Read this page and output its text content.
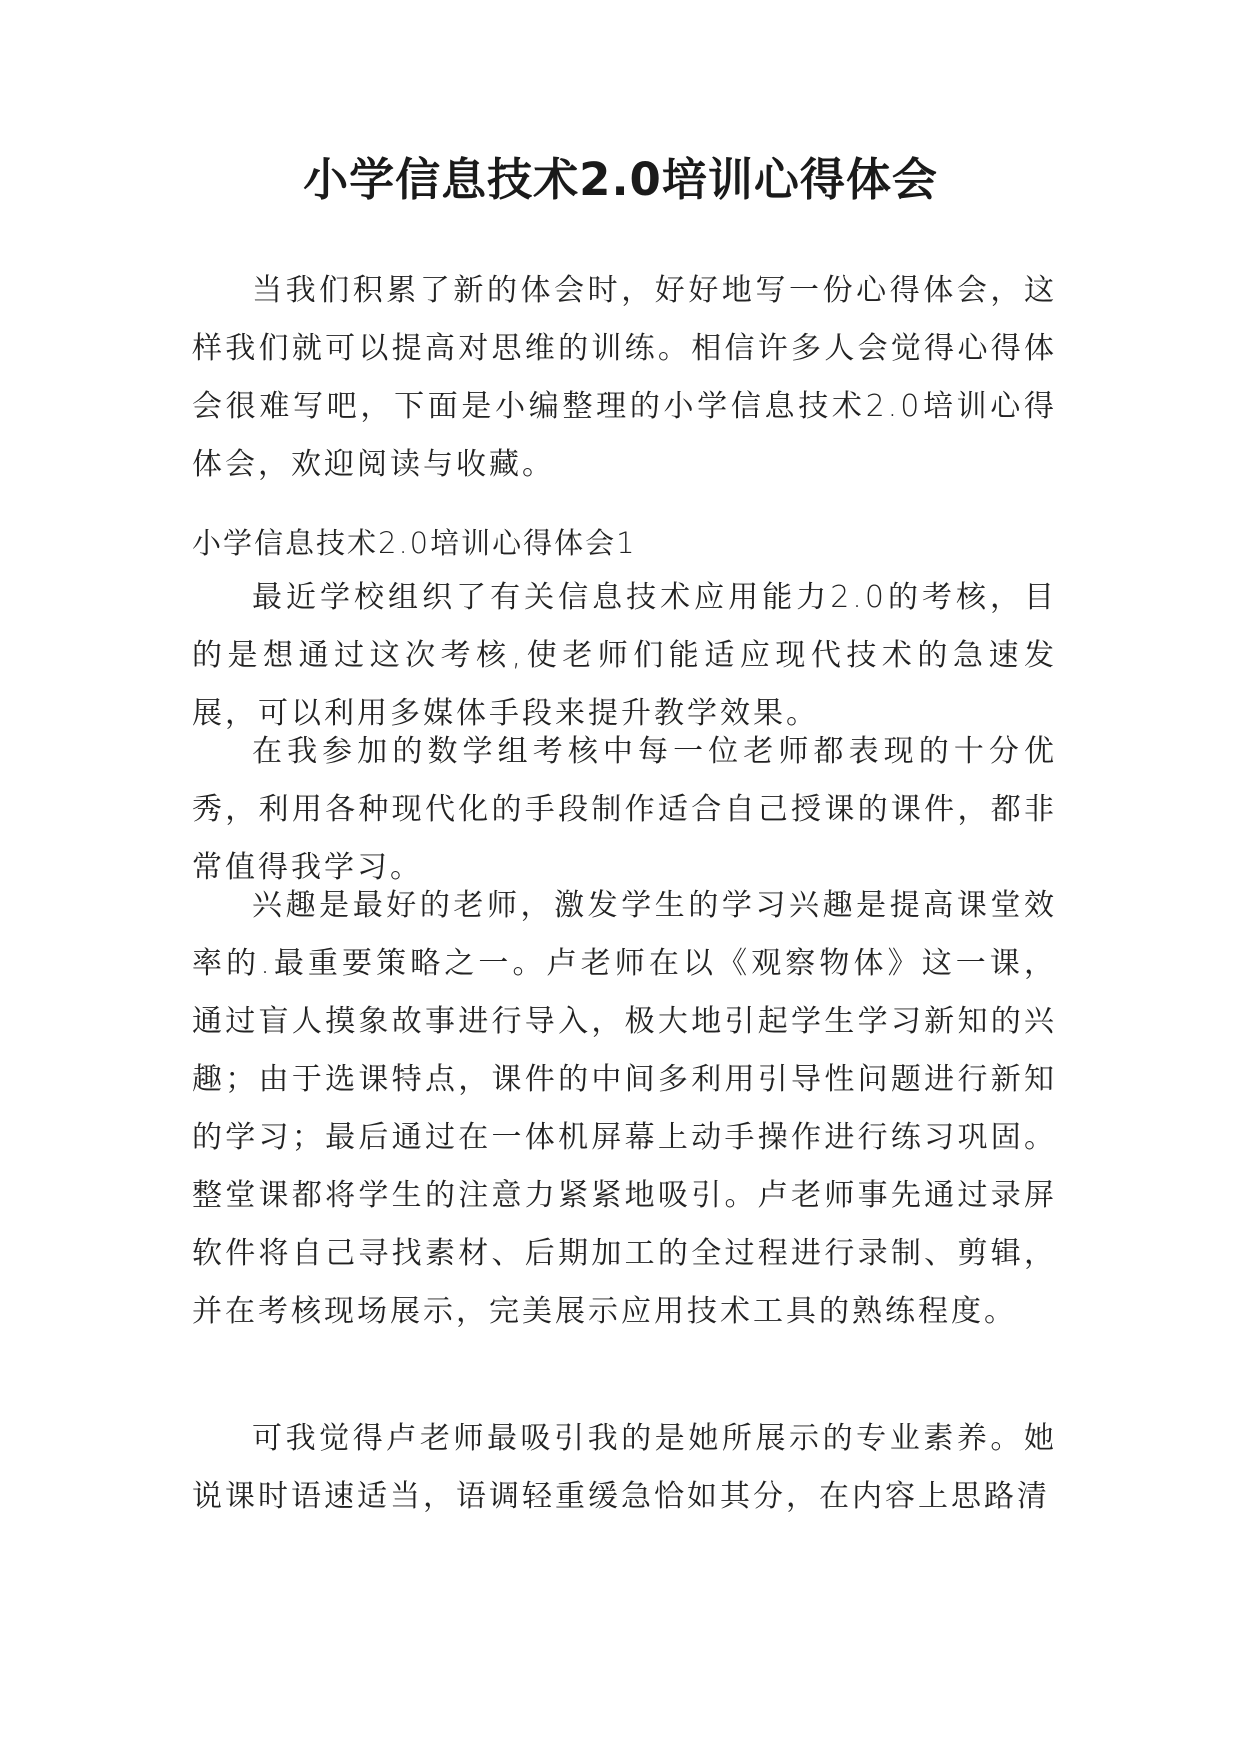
小学信息技术2.0培训心得体会

当我们积累了新的体会时，好好地写一份心得体会，这样我们就可以提高对思维的训练。相信许多人会觉得心得体会很难写吧，下面是小编整理的小学信息技术2.0培训心得体会，欢迎阅读与收藏。

小学信息技术2.0培训心得体会1

最近学校组织了有关信息技术应用能力2.0的考核，目的是想通过这次考核,使老师们能适应现代技术的急速发展，可以利用多媒体手段来提升教学效果。

在我参加的数学组考核中每一位老师都表现的十分优秀，利用各种现代化的手段制作适合自己授课的课件，都非常值得我学习。

兴趣是最好的老师，激发学生的学习兴趣是提高课堂效率的.最重要策略之一。卢老师在以《观察物体》这一课，通过盲人摸象故事进行导入，极大地引起学生学习新知的兴趣；由于选课特点，课件的中间多利用引导性问题进行新知的学习；最后通过在一体机屏幕上动手操作进行练习巩固。整堂课都将学生的注意力紧紧地吸引。卢老师事先通过录屏软件将自己寻找素材、后期加工的全过程进行录制、剪辑，并在考核现场展示，完美展示应用技术工具的熟练程度。

可我觉得卢老师最吸引我的是她所展示的专业素养。她说课时语速适当，语调轻重缓急恰如其分，在内容上思路清
